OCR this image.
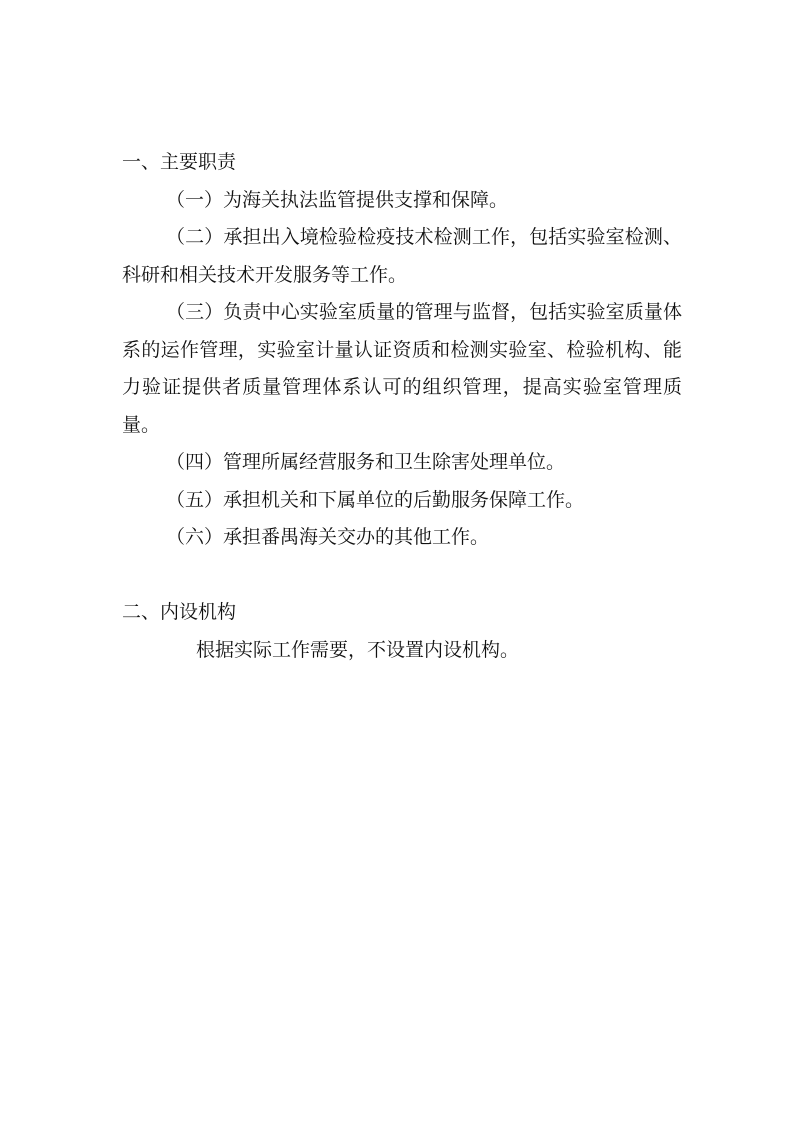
一、主要职责

（一）为海关执法监管提供支撑和保障。

（二）承担出入境检验检疫技术检测工作，包括实验室检测、科研和相关技术开发服务等工作。

（三）负责中心实验室质量的管理与监督，包括实验室质量体系的运作管理，实验室计量认证资质和检测实验室、检验机构、能力验证提供者质量管理体系认可的组织管理，提高实验室管理质量。

（四）管理所属经营服务和卫生除害处理单位。

（五）承担机关和下属单位的后勤服务保障工作。

（六）承担番禺海关交办的其他工作。

二、内设机构

根据实际工作需要，不设置内设机构。
